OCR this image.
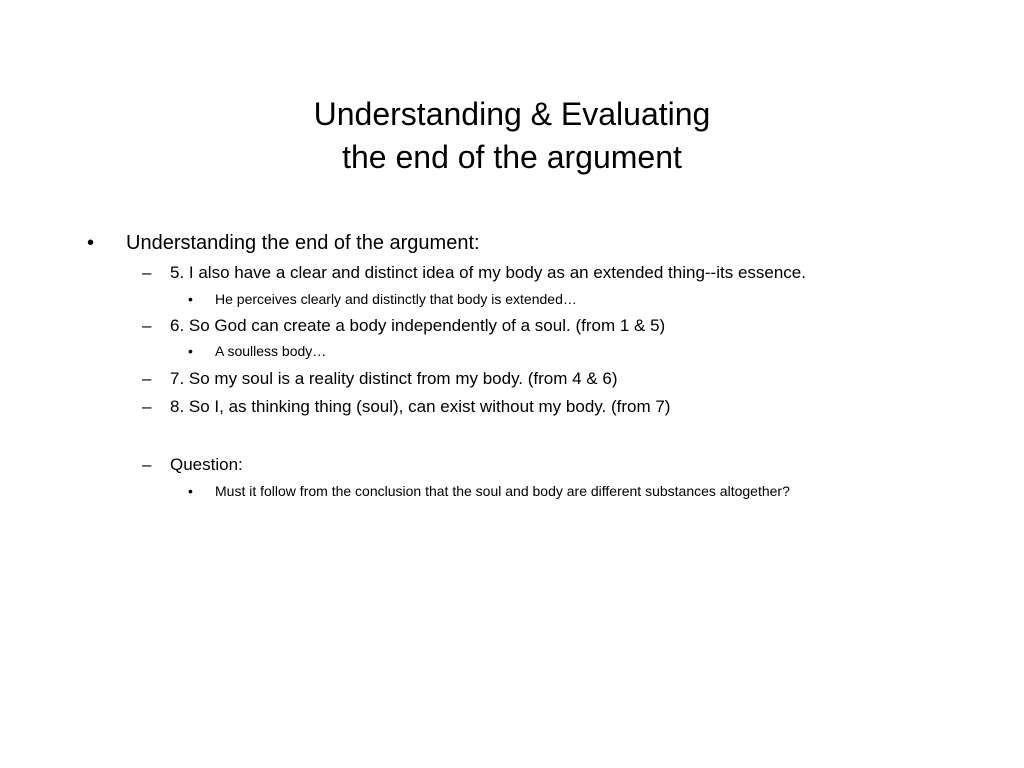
Understanding & Evaluating
the end of the argument
• Understanding the end of the argument:
– 5. I also have a clear and distinct idea of my body as an extended thing--its essence.
• He perceives clearly and distinctly that body is extended…
– 6. So God can create a body independently of a soul. (from 1 & 5)
• A soulless body…
– 7. So my soul is a reality distinct from my body. (from 4 & 6)
– 8. So I, as thinking thing (soul), can exist without my body. (from 7)
– Question:
• Must it follow from the conclusion that the soul and body are different substances altogether?
